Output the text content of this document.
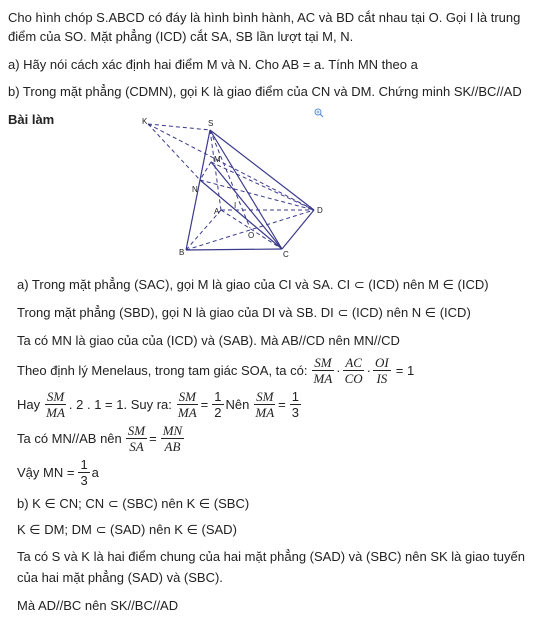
Cho hình chóp S.ABCD có đáy là hình bình hành, AC và BD cắt nhau tại O. Gọi I là trung
điểm của SO. Mặt phẳng (ICD) cắt SA, SB lần lượt tại M, N.
a) Hãy nói cách xác định hai điểm M và N. Cho AB = a. Tính MN theo a
b) Trong mặt phẳng (CDMN), gọi K là giao điểm của CN và DM. Chứng minh SK//BC//AD
Bài làm	K	S
M
N
A
I
D
O
B	C
a) Trong mặt phẳng (SAC), gọi M là giao của CI và SA. CI ⊂ (ICD) nên M ∈ (ICD)
Trong mặt phẳng (SBD), gọi N là giao của DI và SB. DI ⊂ (ICD) nên N ∈ (ICD)
Ta có MN là giao của của (ICD) và (SAB). Mà AB//CD nên MN//CD
Theo định lý Menelaus, trong tam giác SOA, ta có: $\frac{SM}{MA} \cdot \frac{AC}{CO} \cdot \frac{OI}{IS} = 1$
Hay $\frac{SM}{MA}$ . 2 . 1 = 1. Suy ra: $\frac{SM}{MA} = \frac{1}{2}$ Nên $\frac{SM}{MA} = \frac{1}{3}$
Ta có MN//AB nên $\frac{SM}{SA} = \frac{MN}{AB}$
Vậy MN = $\frac{1}{3}$ a
b) K ∈ CN; CN ⊂ (SBC) nên K ∈ (SBC)
K ∈ DM; DM ⊂ (SAD) nên K ∈ (SAD)
Ta có S và K là hai điểm chung của hai mặt phẳng (SAD) và (SBC) nên SK là giao tuyến
của hai mặt phẳng (SAD) và (SBC).
Mà AD//BC nên SK//BC//AD
